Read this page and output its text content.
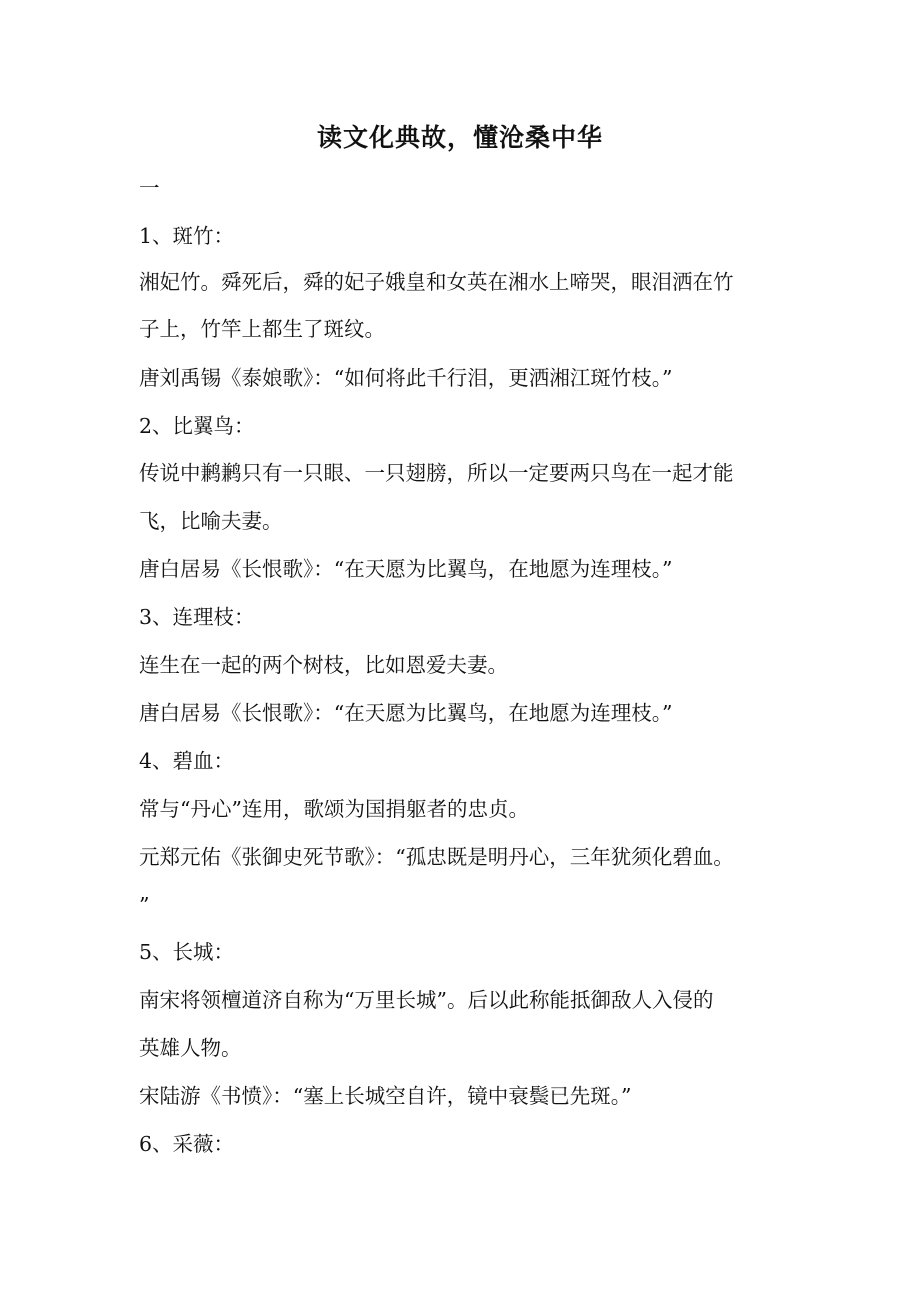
读文化典故，懂沧桑中华
一
1、斑竹：
湘妃竹。舜死后，舜的妃子娥皇和女英在湘水上啼哭，眼泪洒在竹
子上，竹竿上都生了斑纹。
唐刘禹锡《泰娘歌》：“如何将此千行泪，更洒湘江斑竹枝。”
2、比翼鸟：
传说中鹣鹣只有一只眼、一只翅膀，所以一定要两只鸟在一起才能
飞，比喻夫妻。
唐白居易《长恨歌》：“在天愿为比翼鸟，在地愿为连理枝。”
3、连理枝：
连生在一起的两个树枝，比如恩爱夫妻。
唐白居易《长恨歌》：“在天愿为比翼鸟，在地愿为连理枝。”
4、碧血：
常与“丹心”连用，歌颂为国捐躯者的忠贞。
元郑元佑《张御史死节歌》：“孤忠既是明丹心，三年犹须化碧血。
”
5、长城：
南宋将领檀道济自称为“万里长城”。后以此称能抵御敌人入侵的
英雄人物。
宋陆游《书愤》：“塞上长城空自许，镜中衰鬓已先斑。”
6、采薇：
